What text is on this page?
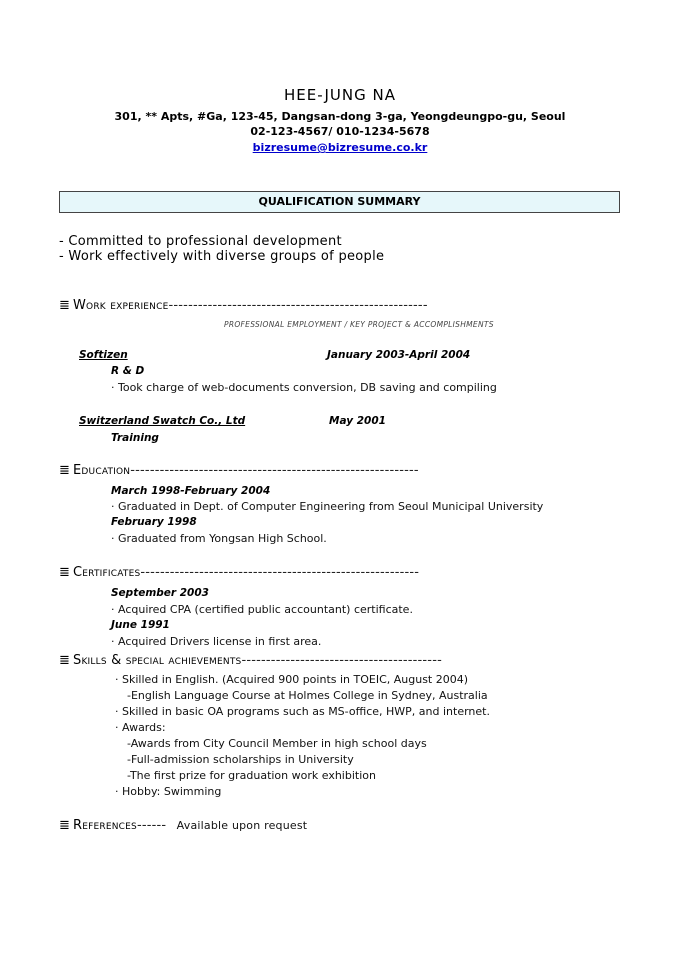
HEE-JUNG NA
301, ** Apts, #Ga, 123-45, Dangsan-dong 3-ga, Yeongdeungpo-gu, Seoul
02-123-4567/ 010-1234-5678
bizresume@bizresume.co.kr
QUALIFICATION SUMMARY
- Committed to professional development
- Work effectively with diverse groups of people
≣ Work experience-----------------------------------------------------
PROFESSIONAL EMPLOYMENT / KEY PROJECT & ACCOMPLISHMENTS
Softizen	January 2003-April 2004
R & D
· Took charge of web-documents conversion, DB saving and compiling
Switzerland Swatch Co., Ltd	May 2001
Training
≣ Education-----------------------------------------------------------
March 1998-February 2004
· Graduated in Dept. of Computer Engineering from Seoul Municipal University
February 1998
· Graduated from Yongsan High School.
≣ Certificates---------------------------------------------------------
September 2003
· Acquired CPA (certified public accountant) certificate.
June 1991
· Acquired Drivers license in first area.
≣ Skills & special achievements-----------------------------------------
· Skilled in English. (Acquired 900 points in TOEIC, August 2004)
-English Language Course at Holmes College in Sydney, Australia
· Skilled in basic OA programs such as MS-office, HWP, and internet.
· Awards:
-Awards from City Council Member in high school days
-Full-admission scholarships in University
-The first prize for graduation work exhibition
· Hobby: Swimming
≣ References------ Available upon request
